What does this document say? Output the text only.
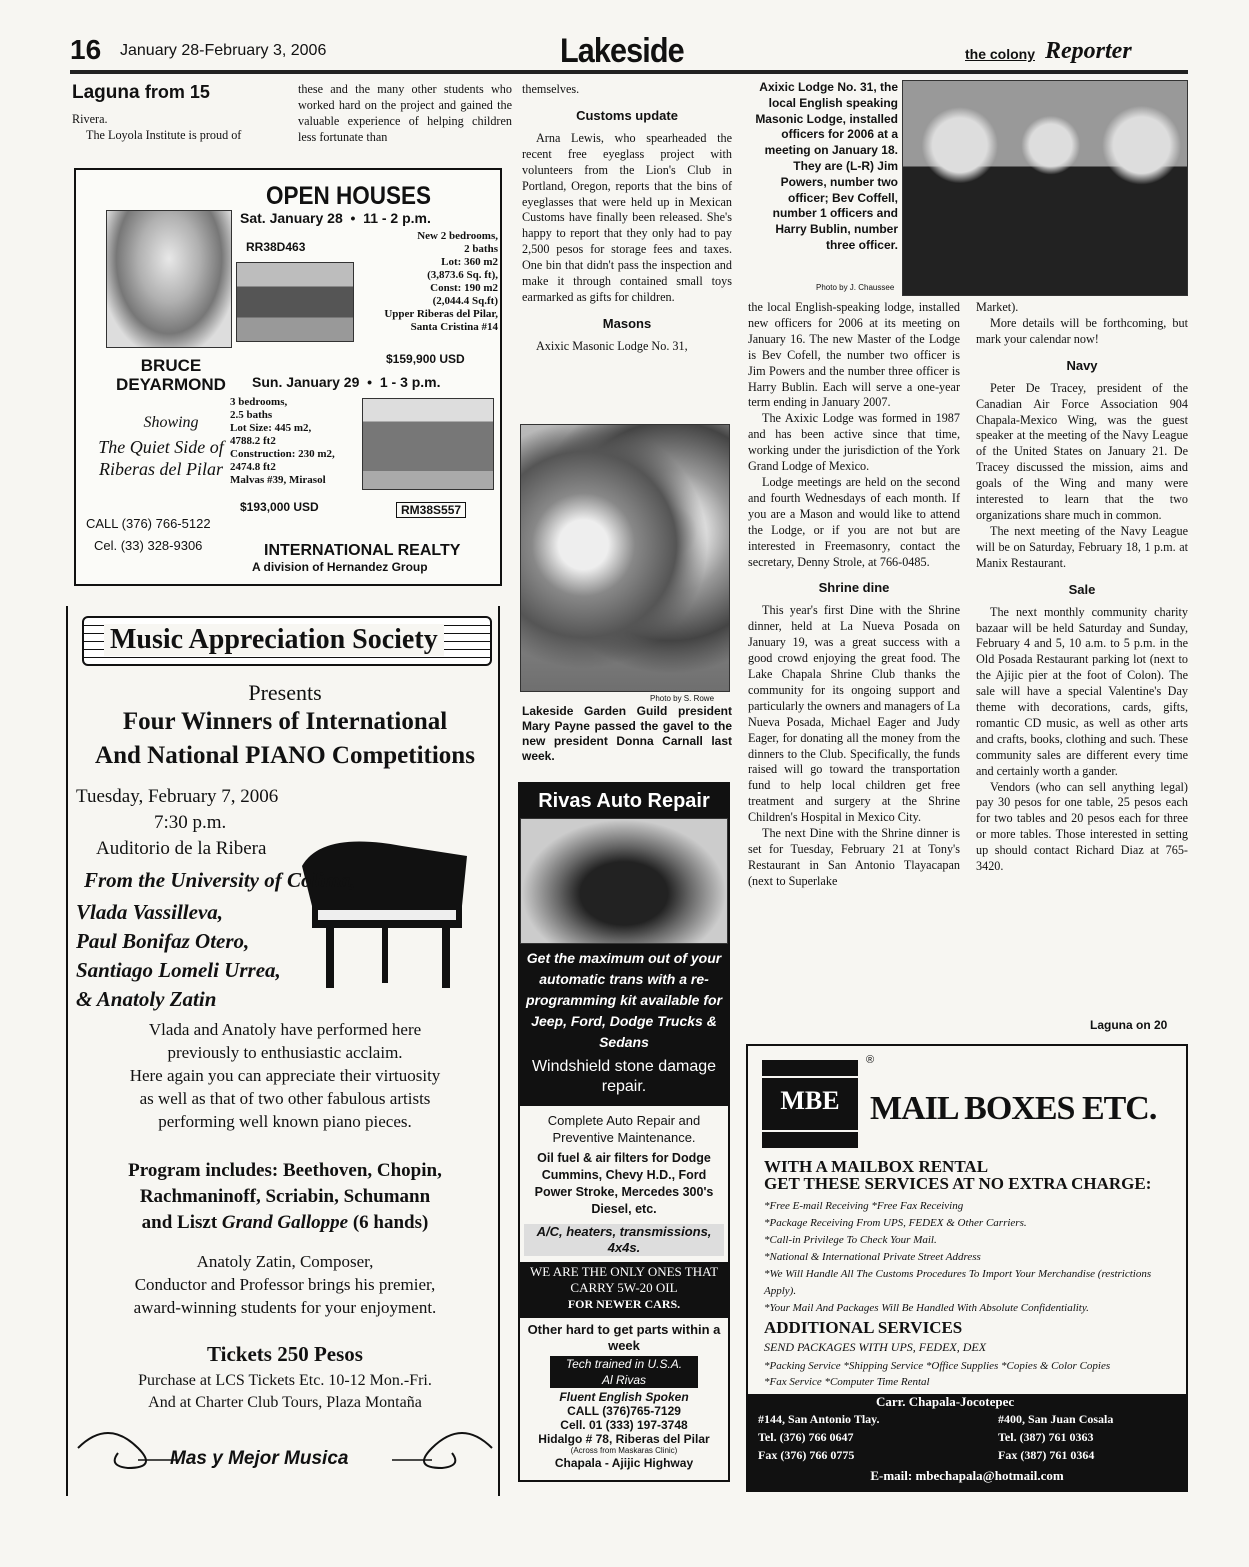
16 January 28-February 3, 2006	Lakeside	the colony Reporter
Laguna from 15

Rivera.

The Loyola Institute is proud of

these and the many other students who worked hard on the project and gained the valuable experience of helping children less fortunate than

OPEN HOUSES
BRUCE
DEYARMOND
Showing
The Quiet Side of Riberas del Pilar
CALL (376) 766-5122
Cel. (33) 328-9306
Sat. January 28  •  11 - 2 p.m.
RR38D463
New 2 bedrooms,
2 baths
Lot: 360 m2
(3,873.6 Sq. ft),
Const: 190 m2
(2,044.4 Sq.ft)
Upper Riberas del Pilar,
Santa Cristina #14
$159,900 USD
Sun. January 29  •  1 - 3 p.m.
3 bedrooms,
2.5 baths
Lot Size: 445 m2,
4788.2 ft2
Construction: 230 m2,
2474.8 ft2
Malvas #39, Mirasol
$193,000 USD	RM38S557
INTERNATIONAL REALTY
A division of Hernandez Group
Music Appreciation Society
Presents
Four Winners of International
And National PIANO Competitions
Tuesday, February 7, 2006
7:30 p.m.
Auditorio de la Ribera
From the University of Colima,
Vlada Vassilleva,
Paul Bonifaz Otero,
Santiago Lomeli Urrea,
& Anatoly Zatin
Vlada and Anatoly have performed here
previously to enthusiastic acclaim.
Here again you can appreciate their virtuosity
as well as that of two other fabulous artists
performing well known piano pieces.
Program includes: Beethoven, Chopin,
Rachmaninoff, Scriabin, Schumann
and Liszt Grand Galloppe (6 hands)
Anatoly Zatin, Composer,
Conductor and Professor brings his premier,
award-winning students for your enjoyment.
Tickets 250 Pesos
Purchase at LCS Tickets Etc. 10-12 Mon.-Fri.
And at Charter Club Tours, Plaza Montaña
Mas y Mejor Musica

themselves.

Customs update

Arna Lewis, who spearheaded the recent free eyeglass project with volunteers from the Lion's Club in Portland, Oregon, reports that the bins of eyeglasses that were held up in Mexican Customs have finally been released. She's happy to report that they only had to pay 2,500 pesos for storage fees and taxes. One bin that didn't pass the inspection and make it through contained small toys earmarked as gifts for children.

Masons

Axixic Masonic Lodge No. 31,

Photo by S. Rowe
Lakeside Garden Guild president Mary Payne passed the gavel to the new president Donna Carnall last week.
Rivas Auto Repair
Get the maximum out of your automatic trans with a re-programming kit available for Jeep, Ford, Dodge Trucks & Sedans
Windshield stone damage repair.
Complete Auto Repair and Preventive Maintenance.
Oil fuel & air filters for Dodge Cummins, Chevy H.D., Ford Power Stroke, Mercedes 300's Diesel, etc.
A/C, heaters, transmissions, 4x4s.
WE ARE THE ONLY ONES THAT CARRY 5W-20 OIL
FOR NEWER CARS.
Other hard to get parts within a week
Tech trained in U.S.A.
Al Rivas
Fluent English Spoken
CALL (376)765-7129
Cell. 01 (333) 197-3748
Hidalgo # 78, Riberas del Pilar
(Across from Maskaras Clinic)
Chapala - Ajijic Highway
Axixic Lodge No. 31, the local English speaking Masonic Lodge, installed officers for 2006 at a meeting on January 18. They are (L-R) Jim Powers, number two officer; Bev Coffell, number 1 officers and Harry Bublin, number three officer.
Photo by J. Chaussee

the local English-speaking lodge, installed new officers for 2006 at its meeting on January 16. The new Master of the Lodge is Bev Cofell, the number two officer is Jim Powers and the number three officer is Harry Bublin. Each will serve a one-year term ending in January 2007.

The Axixic Lodge was formed in 1987 and has been active since that time, working under the jurisdiction of the York Grand Lodge of Mexico.

Lodge meetings are held on the second and fourth Wednesdays of each month. If you are a Mason and would like to attend the Lodge, or if you are not but are interested in Freemasonry, contact the secretary, Denny Strole, at 766-0485.

Shrine dine

This year's first Dine with the Shrine dinner, held at La Nueva Posada on January 19, was a great success with a good crowd enjoying the great food. The Lake Chapala Shrine Club thanks the community for its ongoing support and particularly the owners and managers of La Nueva Posada, Michael Eager and Judy Eager, for donating all the money from the dinners to the Club. Specifically, the funds raised will go toward the transportation fund to help local children get free treatment and surgery at the Shrine Children's Hospital in Mexico City.

The next Dine with the Shrine dinner is set for Tuesday, February 21 at Tony's Restaurant in San Antonio Tlayacapan (next to Superlake

Market).

More details will be forthcoming, but mark your calendar now!

Navy

Peter De Tracey, president of the Canadian Air Force Association 904 Chapala-Mexico Wing, was the guest speaker at the meeting of the Navy League of the United States on January 21. De Tracey discussed the mission, aims and goals of the Wing and many were interested to learn that the two organizations share much in common.

The next meeting of the Navy League will be on Saturday, February 18, 1 p.m. at Manix Restaurant.

Sale

The next monthly community charity bazaar will be held Saturday and Sunday, February 4 and 5, 10 a.m. to 5 p.m. in the Old Posada Restaurant parking lot (next to the Ajijic pier at the foot of Colon). The sale will have a special Valentine's Day theme with decorations, cards, gifts, romantic CD music, as well as other arts and crafts, books, clothing and such. These community sales are different every time and certainly worth a gander.

Vendors (who can sell anything legal) pay 30 pesos for one table, 25 pesos each for two tables and 20 pesos each for three or more tables. Those interested in setting up should contact Richard Diaz at 765-3420.

Laguna on 20
MBE
®
MAIL BOXES ETC.
WITH A MAILBOX RENTAL
GET THESE SERVICES AT NO EXTRA CHARGE:
*Free E-mail Receiving *Free Fax Receiving
*Package Receiving From UPS, FEDEX & Other Carriers.
*Call-in Privilege To Check Your Mail.
*National & International Private Street Address
*We Will Handle All The Customs Procedures To Import Your Merchandise (restrictions Apply).
*Your Mail And Packages Will Be Handled With Absolute Confidentiality.
ADDITIONAL SERVICES
SEND PACKAGES WITH UPS, FEDEX, DEX
*Packing Service *Shipping Service *Office Supplies *Copies & Color Copies
*Fax Service *Computer Time Rental
Carr. Chapala-Jocotepec
#144, San Antonio Tlay.
Tel. (376) 766 0647
Fax (376) 766 0775
#400, San Juan Cosala
Tel. (387) 761 0363
Fax (387) 761 0364
E-mail: mbechapala@hotmail.com
